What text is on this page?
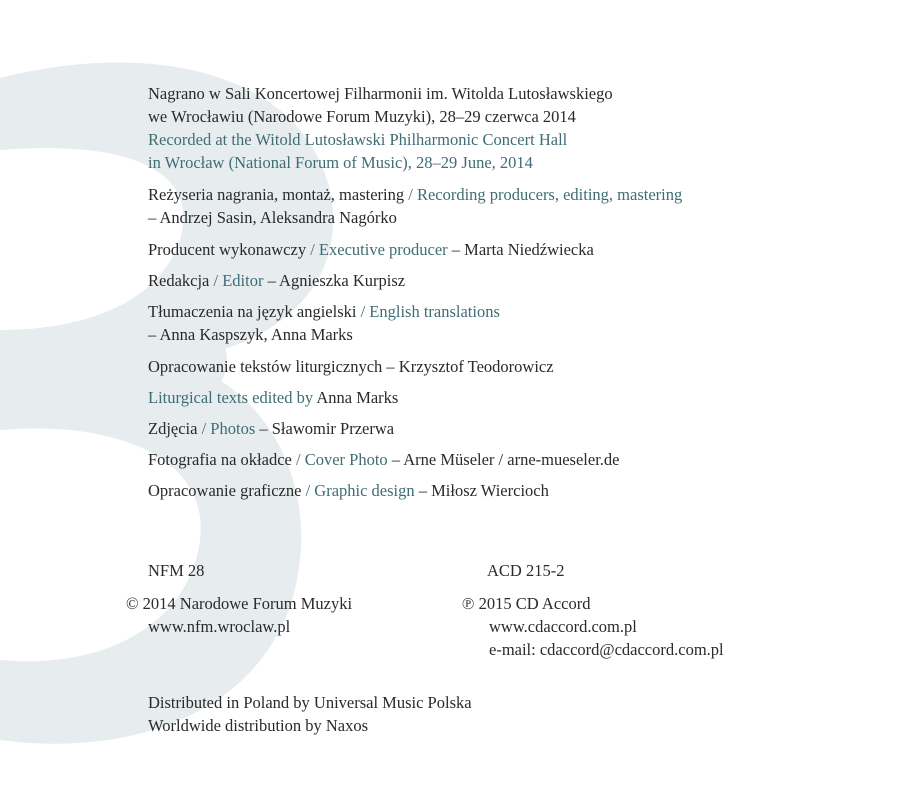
Nagrano w Sali Koncertowej Filharmonii im. Witolda Lutosławskiego
we Wrocławiu (Narodowe Forum Muzyki), 28–29 czerwca 2014
Recorded at the Witold Lutosławski Philharmonic Concert Hall
in Wrocław (National Forum of Music), 28–29 June, 2014
Reżyseria nagrania, montaż, mastering / Recording producers, editing, mastering
– Andrzej Sasin, Aleksandra Nagórko
Producent wykonawczy / Executive producer – Marta Niedźwiecka
Redakcja / Editor – Agnieszka Kurpisz
Tłumaczenia na język angielski / English translations
– Anna Kaspszyk, Anna Marks
Opracowanie tekstów liturgicznych – Krzysztof Teodorowicz
Liturgical texts edited by Anna Marks
Zdjęcia / Photos – Sławomir Przerwa
Fotografia na okładce / Cover Photo – Arne Müseler / arne-mueseler.de
Opracowanie graficzne / Graphic design – Miłosz Wiercioch
NFM 28
© 2014 Narodowe Forum Muzyki
www.nfm.wroclaw.pl
ACD 215-2
℗ 2015 CD Accord
www.cdaccord.com.pl
e-mail: cdaccord@cdaccord.com.pl
Distributed in Poland by Universal Music Polska
Worldwide distribution by Naxos
